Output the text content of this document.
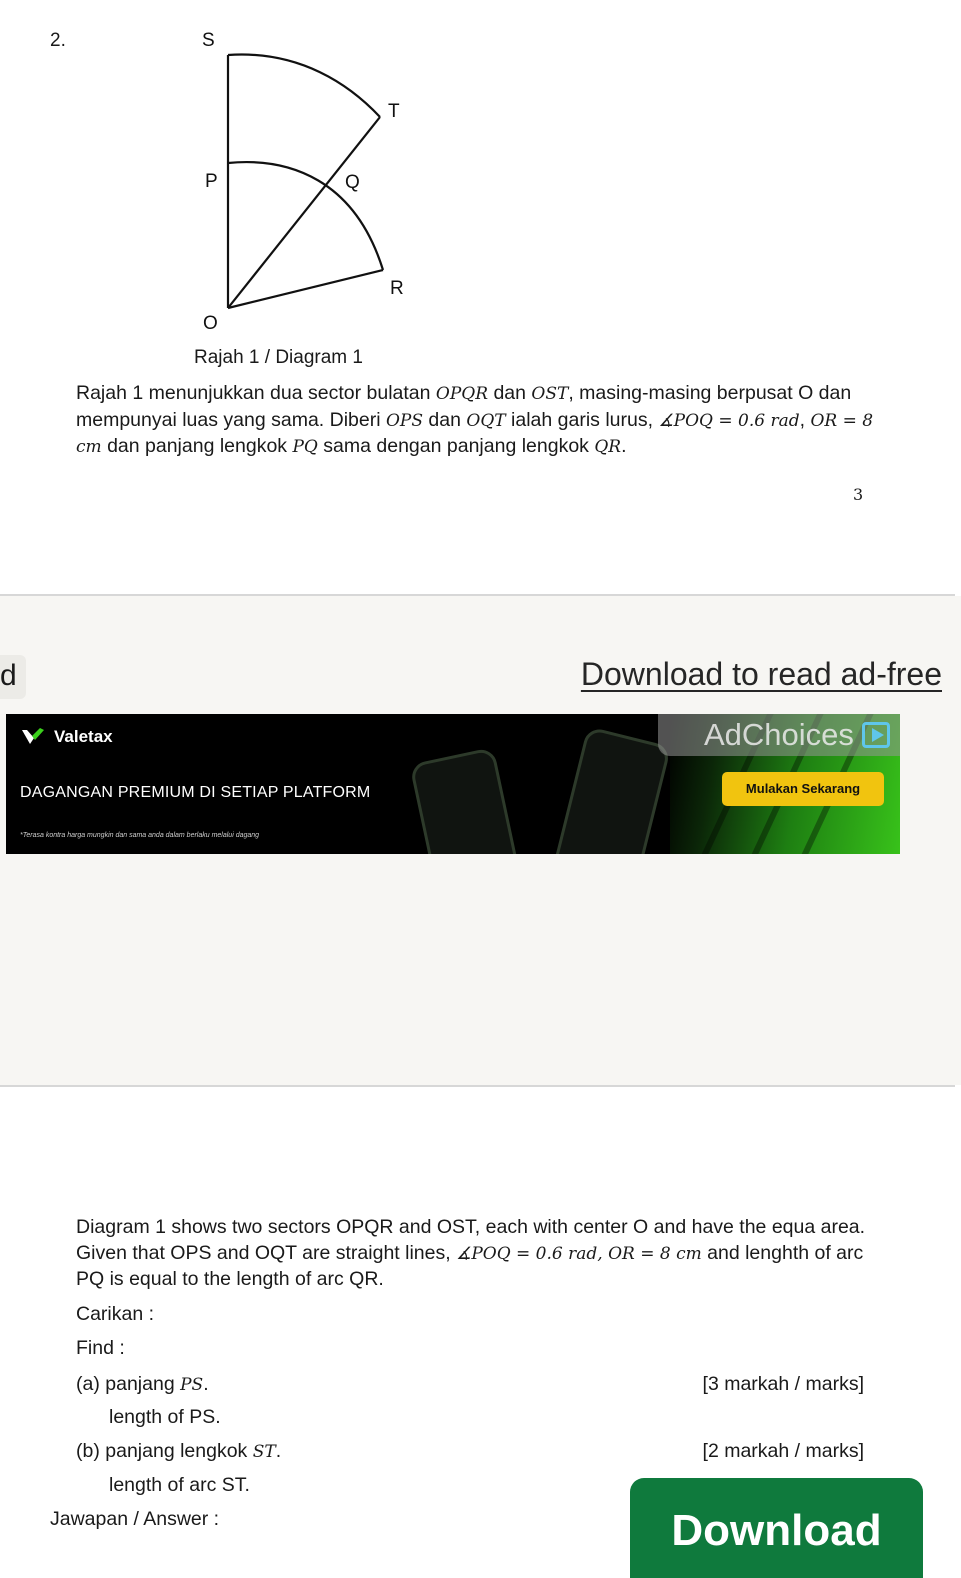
2.	S
T
P	Q
R
O
Rajah 1 / Diagram 1
Rajah 1 menunjukkan dua sector bulatan OPQR dan OST, masing-masing berpusat O dan mempunyai luas yang sama. Diberi OPS dan OQT ialah garis lurus, ∡POQ = 0.6 rad, OR = 8 cm dan panjang lengkok PQ sama dengan panjang lengkok QR.
3
d	Download to read ad-free
Valetax
DAGANGAN PREMIUM DI SETIAP PLATFORM
*Terasa kontra harga mungkin dan sama anda dalam berlaku melalui dagang
AdChoices
Mulakan Sekarang
Diagram 1 shows two sectors OPQR and OST, each with center O and have the equa area. Given that OPS and OQT are straight lines, ∡POQ = 0.6 rad, OR = 8 cm and lenghth of arc PQ is equal to the length of arc QR.
Carikan :
Find :
(a) panjang PS.	[3 markah / marks]
length of PS.
(b) panjang lengkok ST.	[2 markah / marks]
length of arc ST.
Jawapan / Answer :	Download
